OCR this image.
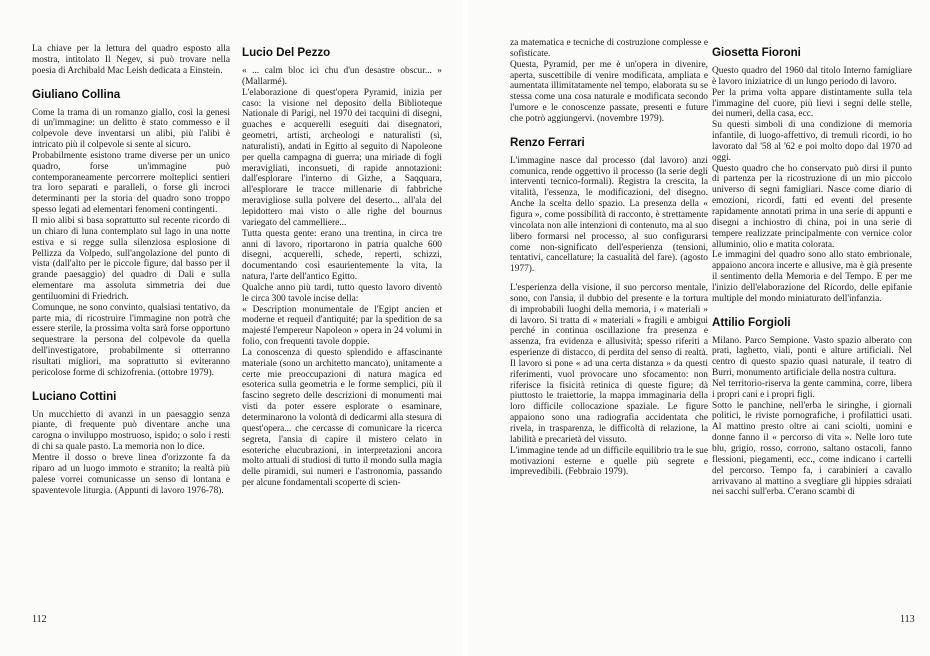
La chiave per la lettura del quadro esposto alla mostra, intitolato Il Negev, si può trovare nella poesia di Archibald Mac Leish dedicata a Einstein.

Giuliano Collina

Come la trama di un romanzo giallo, così la genesi di un'immagine: un delitto è stato commesso e il colpevole deve inventarsi un alibi, più l'alibi è intricato più il colpevole si sente al sicuro.

Probabilmente esistono trame diverse per un unico quadro, forse un'immagine può contemporaneamente percorrere molteplici sentieri tra loro separati e paralleli, o forse gli incroci determinanti per la storia del quadro sono troppo spesso legati ad elementari fenomeni contingenti.

Il mio alibi si basa soprattutto sul recente ricordo di un chiaro di luna contemplato sul lago in una notte estiva e si regge sulla silenziosa esplosione di Pellizza da Volpedo, sull'angolazione del punto di vista (dall'alto per le piccole figure, dal basso per il grande paesaggio) del quadro di Dalì e sulla elementare ma assoluta simmetria dei due gentiluomini di Friedrich.

Comunque, ne sono convinto, qualsiasi tentativo, da parte mia, di ricostruire l'immagine non potrà che essere sterile, la prossima volta sarà forse opportuno sequestrare la persona del colpevole da quella dell'investigatore, probabilmente si otterranno risultati migliori, ma soprattutto si eviteranno pericolose forme di schizofrenia. (ottobre 1979).

Luciano Cottini

Un mucchietto di avanzi in un paesaggio senza piante, di frequente può diventare anche una carogna o inviluppo mostruoso, ispido; o solo i resti di chi sa quale pasto. La memoria non lo dice.

Mentre il dosso o breve linea d'orizzonte fa da riparo ad un luogo immoto e stranito; la realtà più palese vorrei comunicasse un senso di lontana e spaventevole liturgia. (Appunti di lavoro 1976-78).

Lucio Del Pezzo

« ... calm bloc ici chu d'un desastre obscur... » (Mallarmé).

L'elaborazione di quest'opera Pyramid, inizia per caso: la visione nel deposito della Biblioteque Nationale di Parigi, nel 1970 dei tacquini di disegni, guaches e acquerelli eseguiti dai disegnatori, geometri, artisti, archeologi e naturalisti (sì, naturalisti), andati in Egitto al seguito di Napoleone per quella campagna di guerra; una miriade di fogli meravigliati, inconsueti, di rapide annotazioni: dall'esplorare l'interno di Gizhe, a Saqquara, all'esplorare le tracce millenarie di fabbriche meravigliose sulla polvere del deserto... all'ala del lepidottero mai visto o alle righe del bournus variegato del cammelliere...

Tutta questa gente: erano una trentina, in circa tre anni di lavoro, riportarono in patria qualche 600 disegni, acquerelli, schede, reperti, schizzi, documentando così esaurientemente la vita, la natura, l'arte dell'antico Egitto.

Qualche anno più tardi, tutto questo lavoro diventò le circa 300 tavole incise della:

« Description monumentale de l'Egipt ancien et moderne et requeil d'antiquité; par la spedition de sa majesté l'empereur Napoleon » opera in 24 volumi in folio, con frequenti tavole doppie.

La conoscenza di questo splendido e affascinante materiale (sono un architetto mancato), unitamente a certe mie preoccupazioni di natura magica ed esoterica sulla geometria e le forme semplici, più il fascino segreto delle descrizioni di monumenti mai visti da poter essere esplorate o esaminare, determinarono la volontà di dedicarmi alla stesura di quest'opera... che cercasse di comunicare la ricerca segreta, l'ansia di capire il mistero celato in esoteriche elucubrazioni, in interpretazioni ancora molto attuali di studiosi di tutto il mondo sulla magia delle piramidi, sui numeri e l'astronomia, passando per alcune fondamentali scoperte di scien-

112

za matematica e tecniche di costruzione complesse e sofisticate.

Questa, Pyramid, per me è un'opera in divenire, aperta, suscettibile di venire modificata, ampliata e aumentata illimitatamente nel tempo, elaborata su se stessa come una cosa naturale e modificata secondo l'umore e le conoscenze passate, presenti e future che potrò aggiungervi. (novembre 1979).

Renzo Ferrari

L'immagine nasce dal processo (dal lavoro) anzi comunica, rende oggettivo il processo (la serie degli interventi tecnico-formali). Registra la crescita, la vitalità, l'essenza, le modificazioni, del disegno. Anche la scelta dello spazio. La presenza della « figura », come possibilità di racconto, è strettamente vincolata non alle intenzioni di contenuto, ma al suo libero formarsi nel processo, al suo configurarsi come non-significato dell'esperienza (tensioni, tentativi, cancellature; la casualità del fare). (agosto 1977).

L'esperienza della visione, il suo percorso mentale, sono, con l'ansia, il dubbio del presente e la tortura di improbabili luoghi della memoria, i « materiali » di lavoro. Si tratta di « materiali » fragili e ambigui perché in continua oscillazione fra presenza e assenza, fra evidenza e allusività; spesso riferiti a esperienze di distacco, di perdita del senso di realtà. Il lavoro si pone « ad una certa distanza » da questi riferimenti, vuol provocare uno sfocamento: non riferisce la fisicità retinica di queste figure; dà piuttosto le traiettorie, la mappa immaginaria della loro difficile collocazione spaziale. Le figure appaiono sono una radiografia accidentata che rivela, in trasparenza, le difficoltà di relazione, la labilità e precarietà del vissuto.

L'immagine tende ad un difficile equilibrio tra le sue motivazioni esterne e quelle più segrete e imprevedibili. (Febbraio 1979).

Giosetta Fioroni

Questo quadro del 1960 dal titolo Interno famigliare è lavoro iniziatrice di un lungo periodo di lavoro.

Per la prima volta appare distintamente sulla tela l'immagine del cuore, più lievi i segni delle stelle, dei numeri, della casa, ecc.

Su questi simboli di una condizione di memoria infantile, di luogo-affettivo, di tremuli ricordi, io ho lavorato dal '58 al '62 e poi molto dopo dal 1970 ad oggi.

Questo quadro che ho conservato può dirsi il punto di partenza per la ricostruzione di un mio piccolo universo di segni famigliari. Nasce come diario di emozioni, ricordi, fatti ed eventi del presente rapidamente annotati prima in una serie di appunti e disegni a inchiostro di china, poi in una serie di tempere realizzate principalmente con vernice color alluminio, olio e matita colorata.

Le immagini del quadro sono allo stato embrionale, appaiono ancora incerte e allusive, ma è già presente il sentimento della Memoria e del Tempo. E per me l'inizio dell'elaborazione del Ricordo, delle epifanie multiple del mondo miniaturato dell'infanzia.

Attilio Forgioli

Milano. Parco Sempione. Vasto spazio alberato con prati, laghetto, viali, ponti e alture artificiali. Nel centro di questo spazio quasi naturale, il teatro di Burri, monumento artificiale della nostra cultura.

Nel territorio-riserva la gente cammina, corre, libera i propri cani e i propri figli.

Sotto le panchine, nell'erba le siringhe, i giornali politici, le riviste pornografiche, i profilattici usati. Al mattino presto oltre ai cani sciolti, uomini e donne fanno il « percorso di vita ». Nelle loro tute blu, grigio, rosso, corrono, saltano ostacoli, fanno flessioni, piegamenti, ecc., come indicano i cartelli del percorso. Tempo fa, i carabinieri a cavallo arrivavano al mattino a svegliare gli hippies sdraiati nei sacchi sull'erba. C'erano scambi di

113
